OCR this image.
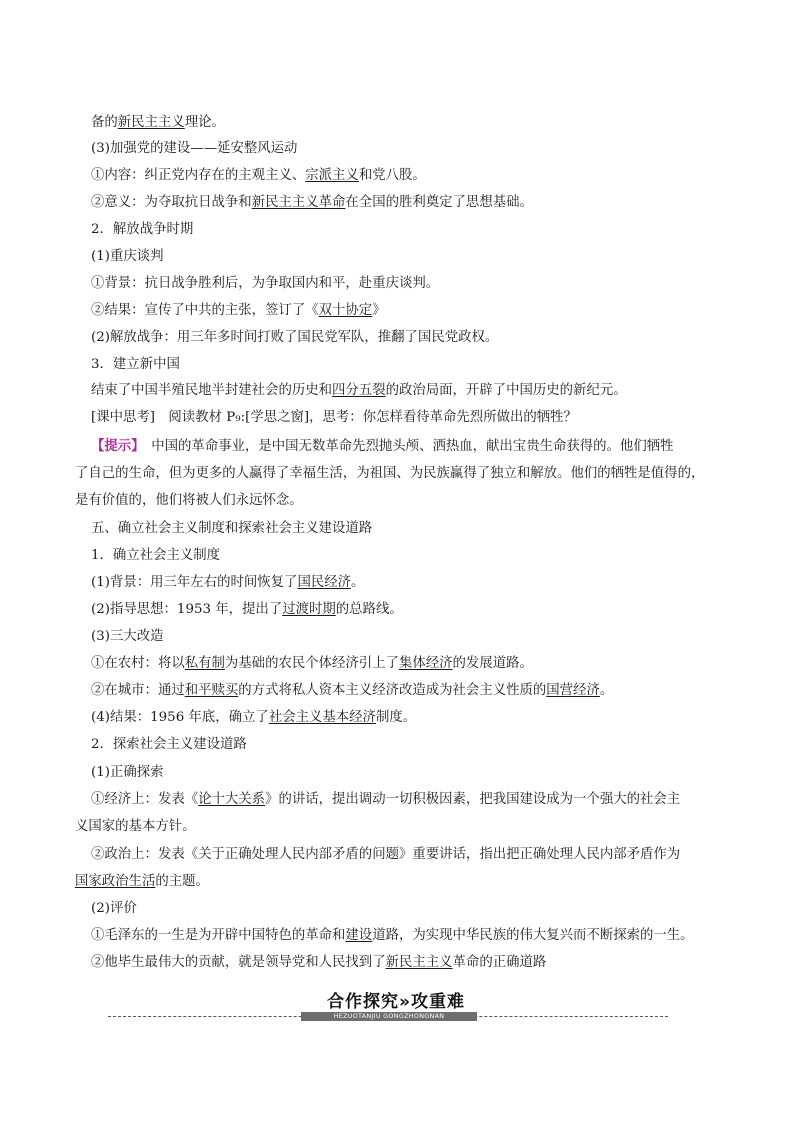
备的新民主主义理论。
(3)加强党的建设——延安整风运动
①内容：纠正党内存在的主观主义、宗派主义和党八股。
②意义：为夺取抗日战争和新民主主义革命在全国的胜利奠定了思想基础。
2．解放战争时期
(1)重庆谈判
①背景：抗日战争胜利后，为争取国内和平，赴重庆谈判。
②结果：宣传了中共的主张，签订了《双十协定》
(2)解放战争：用三年多时间打败了国民党军队，推翻了国民党政权。
3．建立新中国
结束了中国半殖民地半封建社会的历史和四分五裂的政治局面，开辟了中国历史的新纪元。
[课中思考]　阅读教材 P₉:[学思之窗]，思考：你怎样看待革命先烈所做出的牺牲？
【提示】　中国的革命事业，是中国无数革命先烈抛头颅、洒热血，献出宝贵生命获得的。他们牺牲
了自己的生命，但为更多的人赢得了幸福生活，为祖国、为民族赢得了独立和解放。他们的牺牲是值得的，
是有价值的，他们将被人们永远怀念。
五、确立社会主义制度和探索社会主义建设道路
1．确立社会主义制度
(1)背景：用三年左右的时间恢复了国民经济。
(2)指导思想：1953 年，提出了过渡时期的总路线。
(3)三大改造
①在农村：将以私有制为基础的农民个体经济引上了集体经济的发展道路。
②在城市：通过和平赎买的方式将私人资本主义经济改造成为社会主义性质的国营经济。
(4)结果：1956 年底，确立了社会主义基本经济制度。
2．探索社会主义建设道路
(1)正确探索
①经济上：发表《论十大关系》的讲话，提出调动一切积极因素，把我国建设成为一个强大的社会主
义国家的基本方针。
②政治上：发表《关于正确处理人民内部矛盾的问题》重要讲话，指出把正确处理人民内部矛盾作为
国家政治生活的主题。
(2)评价
①毛泽东的一生是为开辟中国特色的革命和建设道路，为实现中华民族的伟大复兴而不断探索的一生。
②他毕生最伟大的贡献，就是领导党和人民找到了新民主主义革命的正确道路
合作探究»攻重难
HEZUOTANJIU GONGZHONGNAN
